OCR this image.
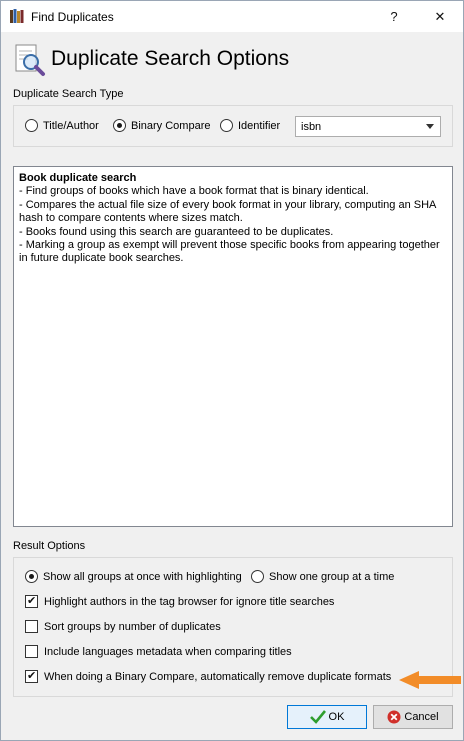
Find Duplicates	?	✕
Duplicate Search Options
Duplicate Search Type
Title/Author	Binary Compare	Identifier isbn
Book duplicate search
- Find groups of books which have a book format that is binary identical.
- Compares the actual file size of every book format in your library, computing an SHA hash to compare contents where sizes match.
- Books found using this search are guaranteed to be duplicates.
- Marking a group as exempt will prevent those specific books from appearing together in future duplicate book searches.
Result Options
Show all groups at once with highlighting Show one group at a time
✔
Highlight authors in the tag browser for ignore title searches
Sort groups by number of duplicates
Include languages metadata when comparing titles
✔
When doing a Binary Compare, automatically remove duplicate formats
OK	Cancel
